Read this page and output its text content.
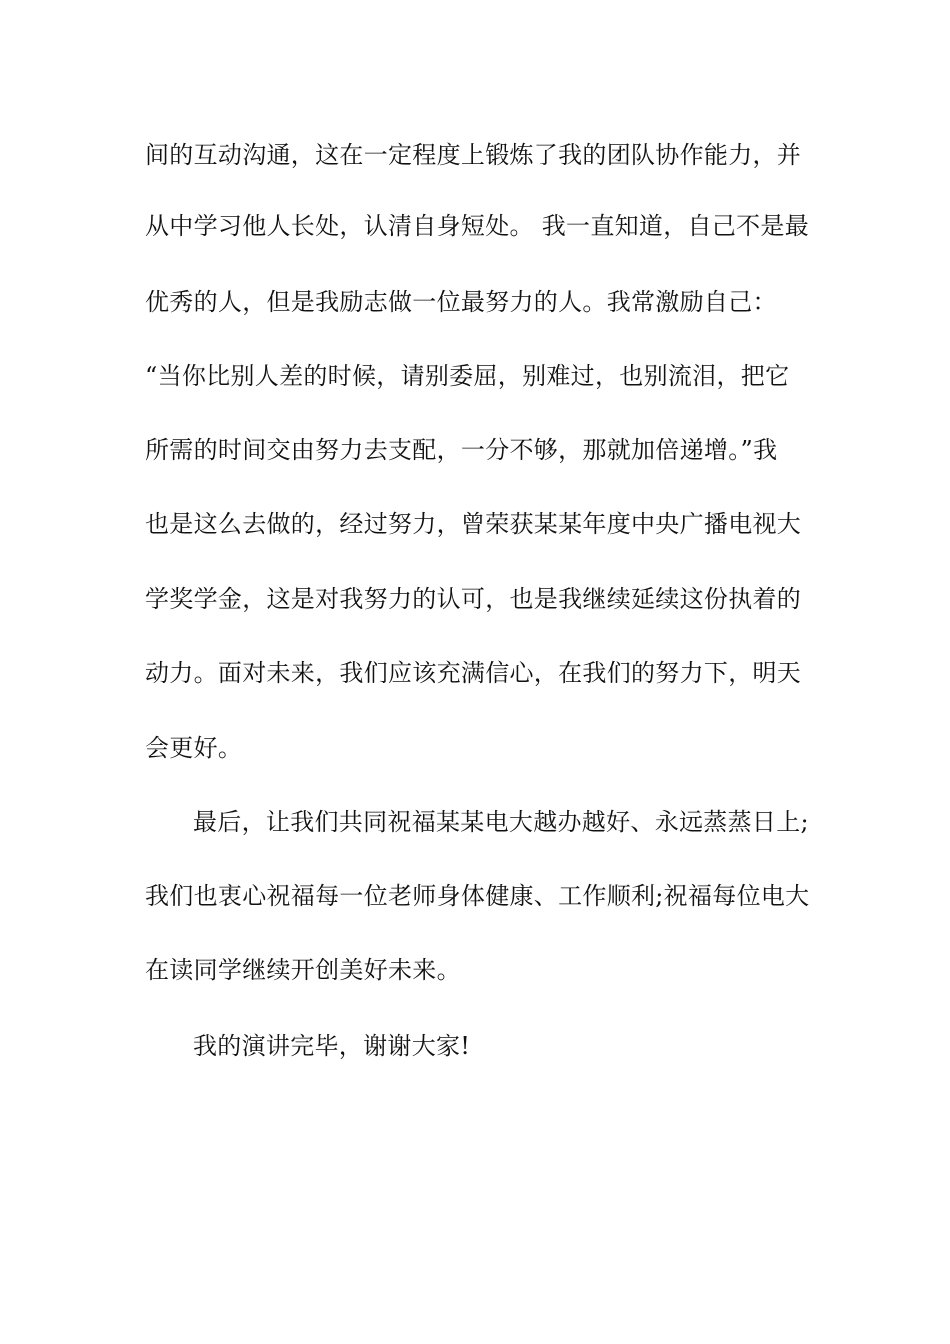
间的互动沟通，这在一定程度上锻炼了我的团队协作能力，并
从中学习他人长处，认清自身短处。 我一直知道，自己不是最
优秀的人，但是我励志做一位最努力的人。我常激励自己：
“当你比别人差的时候，请别委屈，别难过，也别流泪，把它
所需的时间交由努力去支配，一分不够，那就加倍递增。”我
也是这么去做的，经过努力，曾荣获某某年度中央广播电视大
学奖学金，这是对我努力的认可，也是我继续延续这份执着的
动力。面对未来，我们应该充满信心，在我们的努力下，明天
会更好。
最后，让我们共同祝福某某电大越办越好、永远蒸蒸日上;
我们也衷心祝福每一位老师身体健康、工作顺利;祝福每位电大
在读同学继续开创美好未来。
我的演讲完毕，谢谢大家!
